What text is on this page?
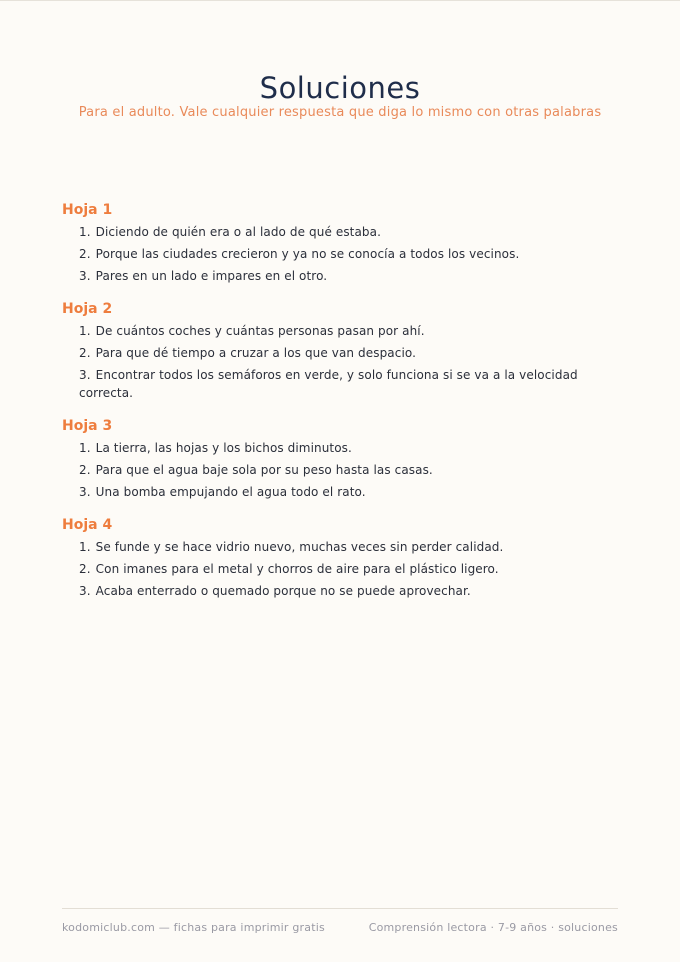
Soluciones
Para el adulto. Vale cualquier respuesta que diga lo mismo con otras palabras
Hoja 1
1. Diciendo de quién era o al lado de qué estaba.
2. Porque las ciudades crecieron y ya no se conocía a todos los vecinos.
3. Pares en un lado e impares en el otro.
Hoja 2
1. De cuántos coches y cuántas personas pasan por ahí.
2. Para que dé tiempo a cruzar a los que van despacio.
3. Encontrar todos los semáforos en verde, y solo funciona si se va a la velocidad correcta.
Hoja 3
1. La tierra, las hojas y los bichos diminutos.
2. Para que el agua baje sola por su peso hasta las casas.
3. Una bomba empujando el agua todo el rato.
Hoja 4
1. Se funde y se hace vidrio nuevo, muchas veces sin perder calidad.
2. Con imanes para el metal y chorros de aire para el plástico ligero.
3. Acaba enterrado o quemado porque no se puede aprovechar.
kodomiclub.com — fichas para imprimir gratis	Comprensión lectora · 7-9 años · soluciones
